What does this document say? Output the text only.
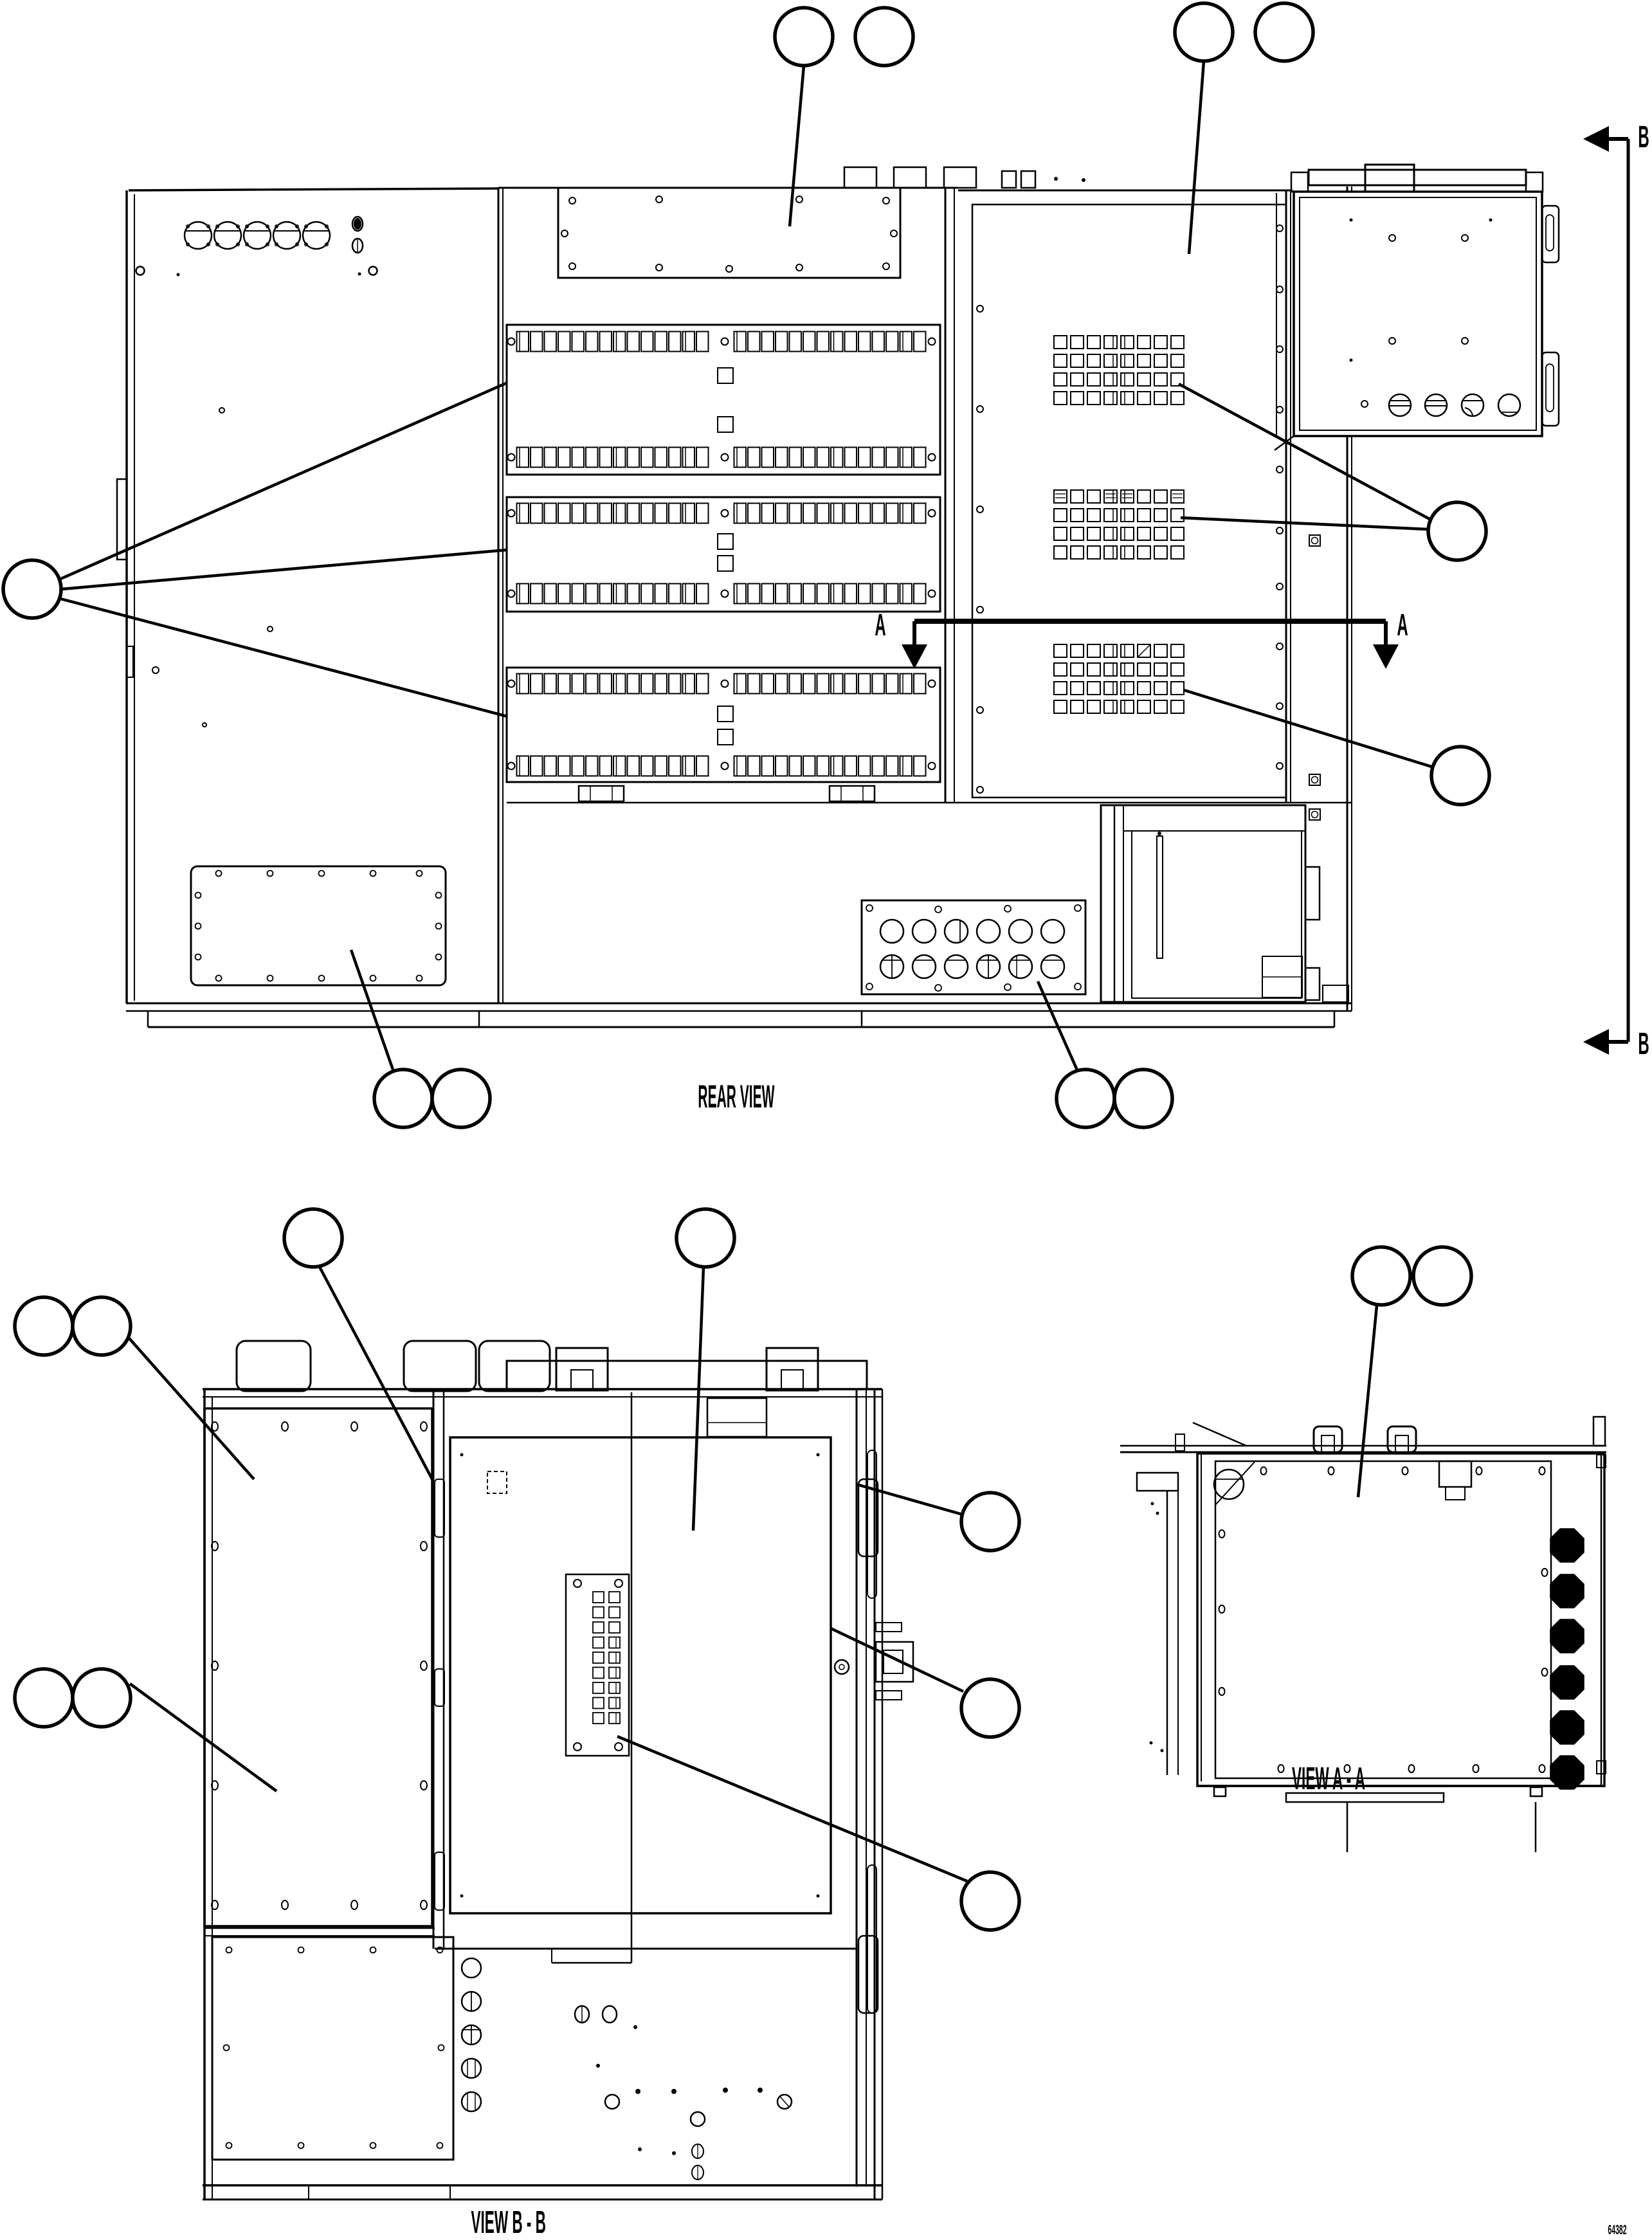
REAR VIEW
VIEW A - A
VIEW B - B
A	A
B
B
64382
